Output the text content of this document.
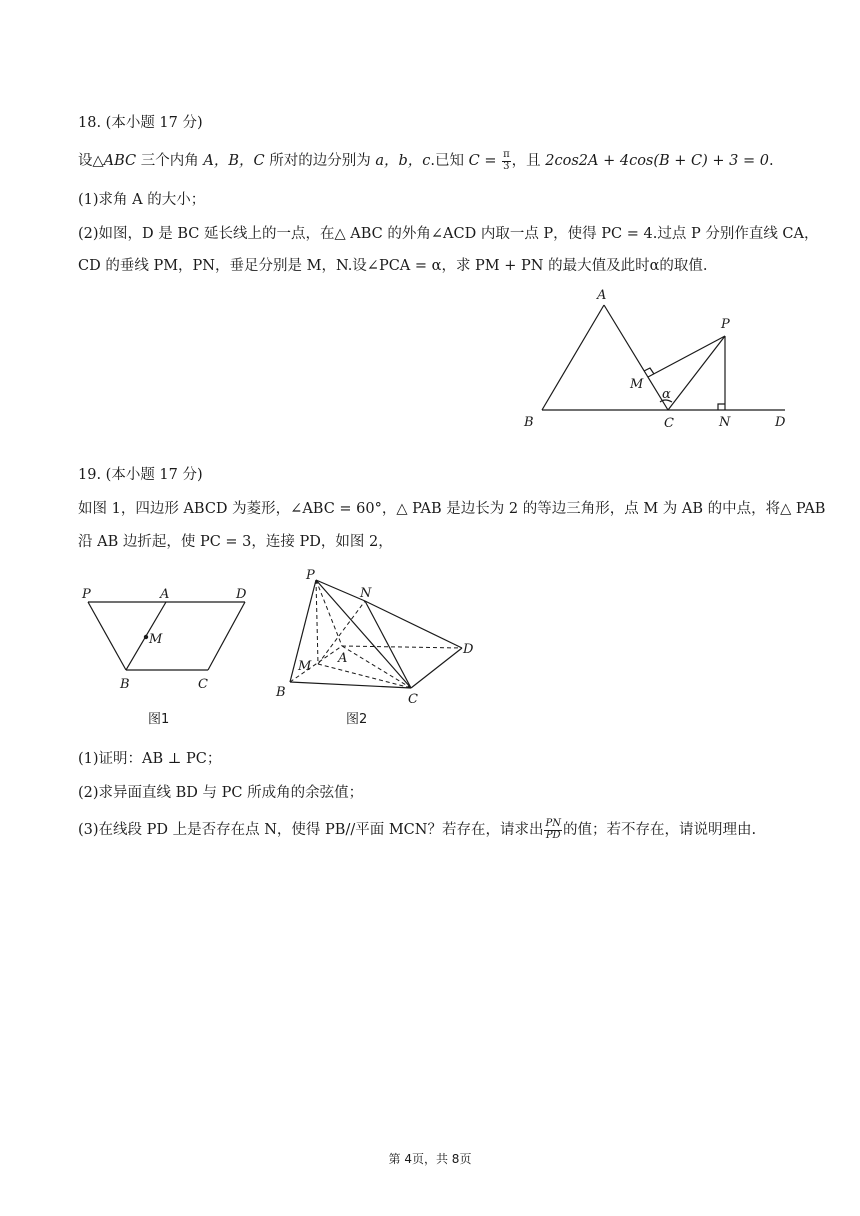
18. (本小题 17 分)
设△ABC 三个内角 A，B，C 所对的边分别为 a，b，c.已知 $C = \frac{\pi}{3}$ ，且 2cos2A + 4cos(B + C) + 3 = 0.
(1)求角 A 的大小；
(2)如图，D 是 BC 延长线上的一点，在△ ABC 的外角∠ACD 内取一点 P，使得 PC = 4.过点 P 分别作直线 CA，
CD 的垂线 PM，PN，垂足分别是 M，N.设∠PCA = α，求 PM + PN 的最大值及此时α的取值.
A
P
M
α
B	C	N	D
19. (本小题 17 分)
如图 1，四边形 ABCD 为菱形，∠ABC = 60°，△ PAB 是边长为 2 的等边三角形，点 M 为 AB 的中点，将△ PAB
沿 AB 边折起，使 PC = 3，连接 PD，如图 2，
P	A	D
M
B	C
图1
P
N
A
D
M
B	C
图2
(1)证明：AB ⊥ PC；
(2)求异面直线 BD 与 PC 所成角的余弦值；
(3)在线段 PD 上是否存在点 N，使得 PB//平面 MCN？若存在，请求出 $\frac{PN}{PD}$ 的值；若不存在，请说明理由.
第 4页，共 8页
